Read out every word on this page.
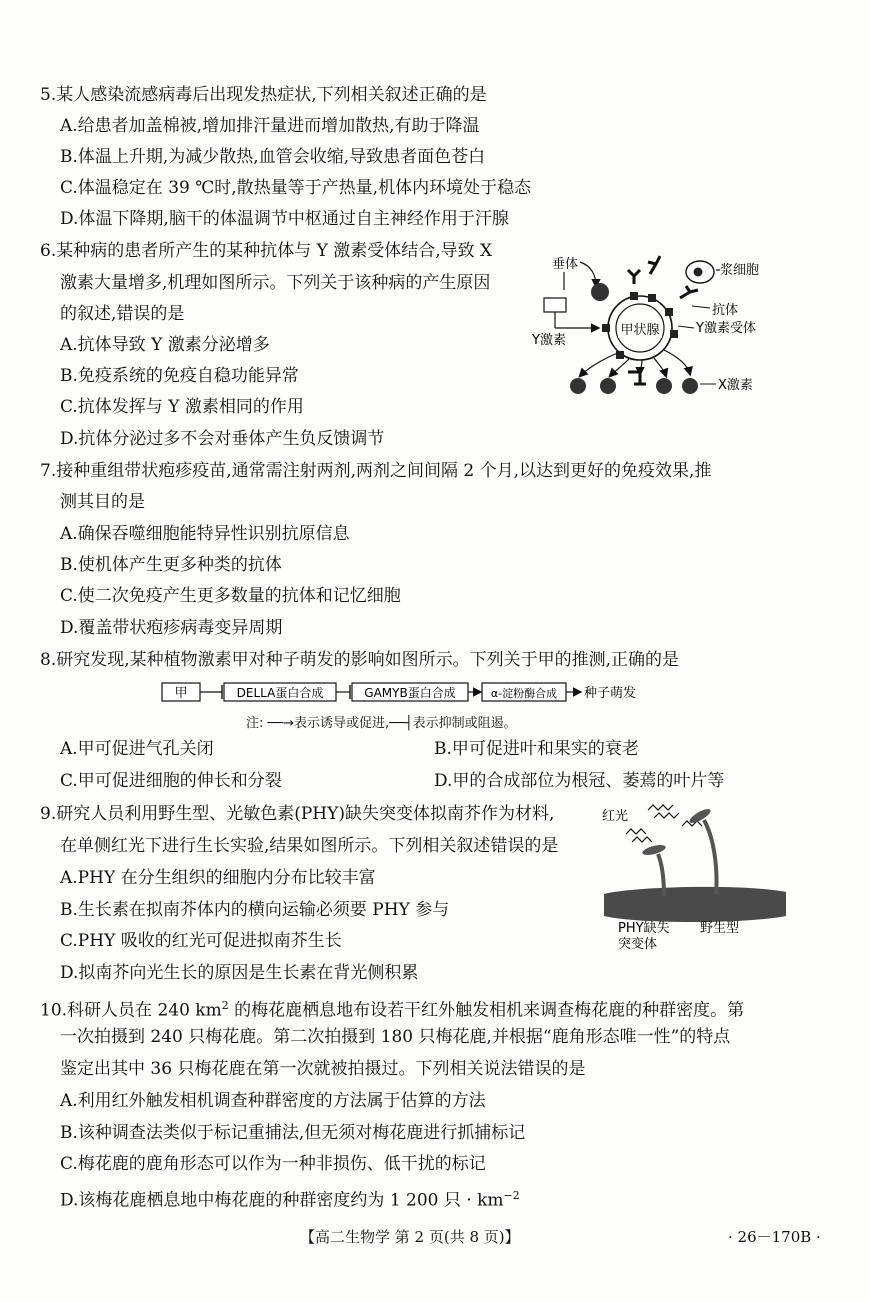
5.某人感染流感病毒后出现发热症状,下列相关叙述正确的是
A.给患者加盖棉被,增加排汗量进而增加散热,有助于降温
B.体温上升期,为减少散热,血管会收缩,导致患者面色苍白
C.体温稳定在 39 ℃时,散热量等于产热量,机体内环境处于稳态
D.体温下降期,脑干的体温调节中枢通过自主神经作用于汗腺
6.某种病的患者所产生的某种抗体与 Y 激素受体结合,导致 X
激素大量增多,机理如图所示。下列关于该种病的产生原因
的叙述,错误的是
A.抗体导致 Y 激素分泌增多
B.免疫系统的免疫自稳功能异常
C.抗体发挥与 Y 激素相同的作用
D.抗体分泌过多不会对垂体产生负反馈调节
垂体
Y激素
甲状腺
浆细胞
抗体
Y激素受体
X激素
7.接种重组带状疱疹疫苗,通常需注射两剂,两剂之间间隔 2 个月,以达到更好的免疫效果,推
测其目的是
A.确保吞噬细胞能特异性识别抗原信息
B.使机体产生更多种类的抗体
C.使二次免疫产生更多数量的抗体和记忆细胞
D.覆盖带状疱疹病毒变异周期
8.研究发现,某种植物激素甲对种子萌发的影响如图所示。下列关于甲的推测,正确的是
甲	DELLA蛋白合成	GAMYB蛋白合成	α-淀粉酶合成 种子萌发
注: ──→表示诱导或促进,──┤表示抑制或阻遏。
A.甲可促进气孔关闭	B.甲可促进叶和果实的衰老
C.甲可促进细胞的伸长和分裂	D.甲的合成部位为根冠、萎蔫的叶片等
9.研究人员利用野生型、光敏色素(PHY)缺失突变体拟南芥作为材料,
在单侧红光下进行生长实验,结果如图所示。下列相关叙述错误的是
A.PHY 在分生组织的细胞内分布比较丰富
B.生长素在拟南芥体内的横向运输必须要 PHY 参与
C.PHY 吸收的红光可促进拟南芥生长
D.拟南芥向光生长的原因是生长素在背光侧积累
红光
PHY缺失
突变体
野生型
10.科研人员在 240 $km^2$ 的梅花鹿栖息地布设若干红外触发相机来调查梅花鹿的种群密度。第
一次拍摄到 240 只梅花鹿。第二次拍摄到 180 只梅花鹿,并根据“鹿角形态唯一性”的特点
鉴定出其中 36 只梅花鹿在第一次就被拍摄过。下列相关说法错误的是
A.利用红外触发相机调查种群密度的方法属于估算的方法
B.该种调查法类似于标记重捕法,但无须对梅花鹿进行抓捕标记
C.梅花鹿的鹿角形态可以作为一种非损伤、低干扰的标记
D.该梅花鹿栖息地中梅花鹿的种群密度约为 1 200 只 · $km^{-2}$
【高二生物学 第 2 页(共 8 页)】	· 26－170B ·
